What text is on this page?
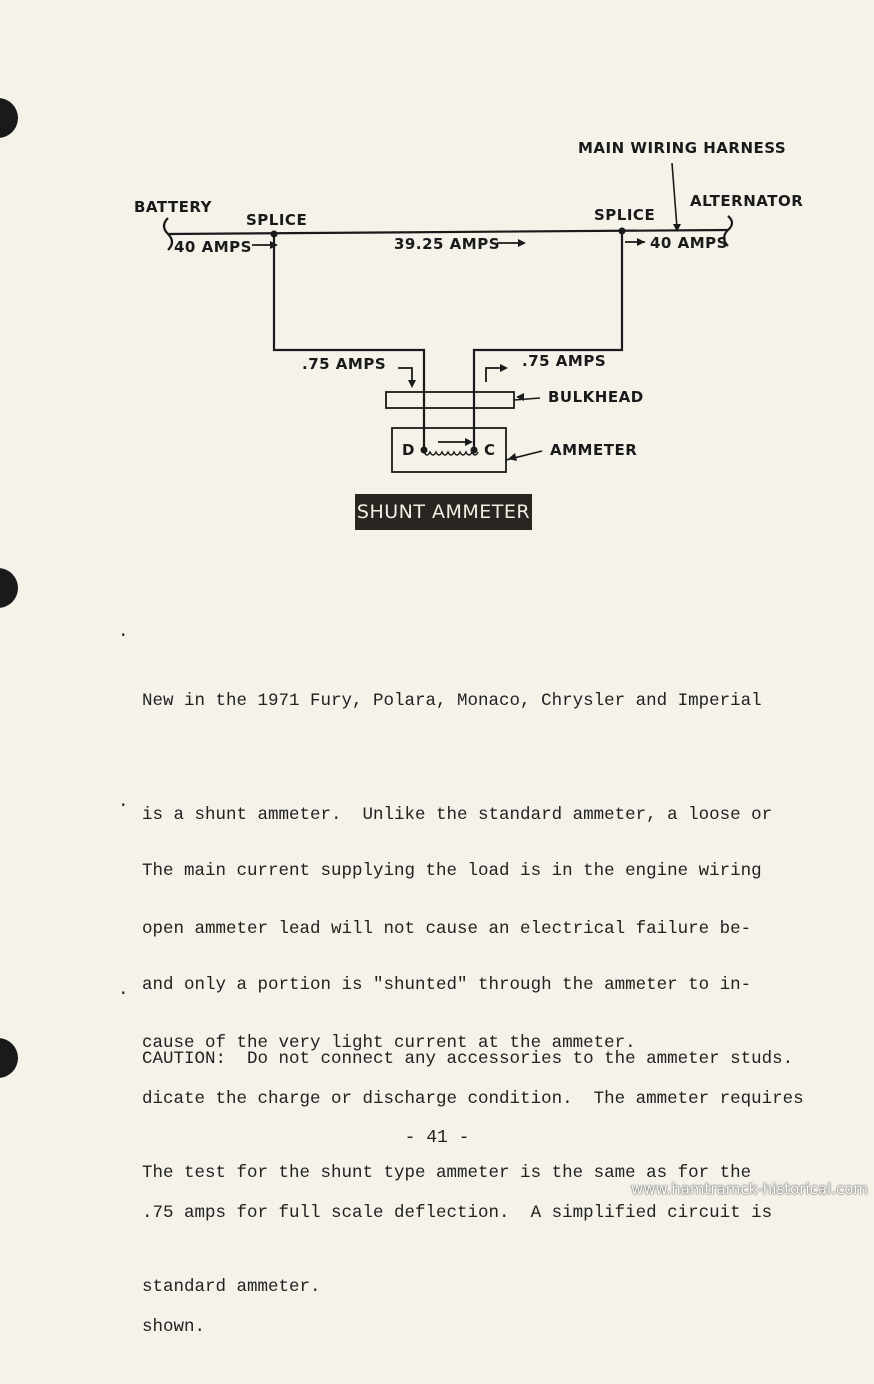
BATTERY
SPLICE	SPLICE
MAIN WIRING HARNESS
ALTERNATOR
40 AMPS	39.25 AMPS	40 AMPS
.75 AMPS	.75 AMPS
BULKHEAD
AMMETER
D	C
SHUNT AMMETER
.

New in the 1971 Fury, Polara, Monaco, Chrysler and Imperial

is a shunt ammeter.  Unlike the standard ammeter, a loose or

open ammeter lead will not cause an electrical failure be-

cause of the very light current at the ammeter.

.

The main current supplying the load is in the engine wiring

and only a portion is "shunted" through the ammeter to in-

dicate the charge or discharge condition.  The ammeter requires

.75 amps for full scale deflection.  A simplified circuit is

shown.

.

CAUTION:  Do not connect any accessories to the ammeter studs.

The test for the shunt type ammeter is the same as for the

standard ammeter.

- 41 -
www.hamtramck-historical.com
